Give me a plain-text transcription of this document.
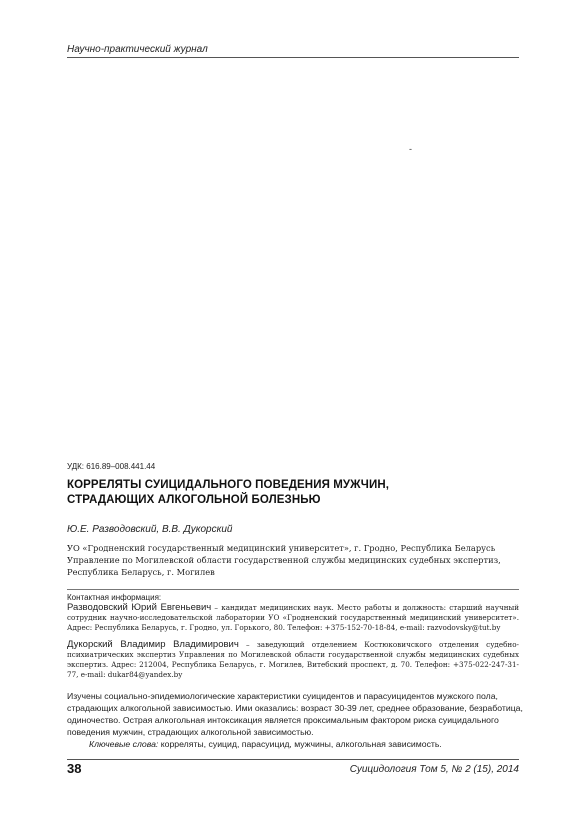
Научно-практический журнал
-
УДК: 616.89–008.441.44
КОРРЕЛЯТЫ СУИЦИДАЛЬНОГО ПОВЕДЕНИЯ МУЖЧИН,
СТРАДАЮЩИХ АЛКОГОЛЬНОЙ БОЛЕЗНЬЮ
Ю.Е. Разводовский, В.В. Дукорский
УО «Гродненский государственный медицинский университет», г. Гродно, Республика Беларусь
Управление по Могилевской области государственной службы медицинских судебных экспертиз,
Республика Беларусь, г. Могилев
Контактная информация:
Разводовский Юрий Евгеньевич – кандидат медицинских наук. Место работы и должность: старший научный сотрудник научно-исследовательской лаборатории УО «Гродненский государственный медицинский университет». Адрес: Республика Беларусь, г. Гродно, ул. Горького, 80. Телефон: +375-152-70-18-84, e-mail: razvodovsky@tut.by
Дукорский Владимир Владимирович – заведующий отделением Костюковичского отделения судебно-психиатрических экспертиз Управления по Могилевской области государственной службы медицинских судебных экспертиз. Адрес: 212004, Республика Беларусь, г. Могилев, Витебский проспект, д. 70. Телефон: +375-022-247-31-77, e-mail: dukar84@yandex.by
Изучены социально-эпидемиологические характеристики суицидентов и парасуицидентов мужского пола,
страдающих алкогольной зависимостью. Ими оказались: возраст 30-39 лет, среднее образование, безработица,
одиночество. Острая алкогольная интоксикация является проксимальным фактором риска суицидального
поведения мужчин, страдающих алкогольной зависимостью.
Ключевые слова: корреляты, суицид, парасуицид, мужчины, алкогольная зависимость.
38	Суицидология Том 5, № 2 (15), 2014
